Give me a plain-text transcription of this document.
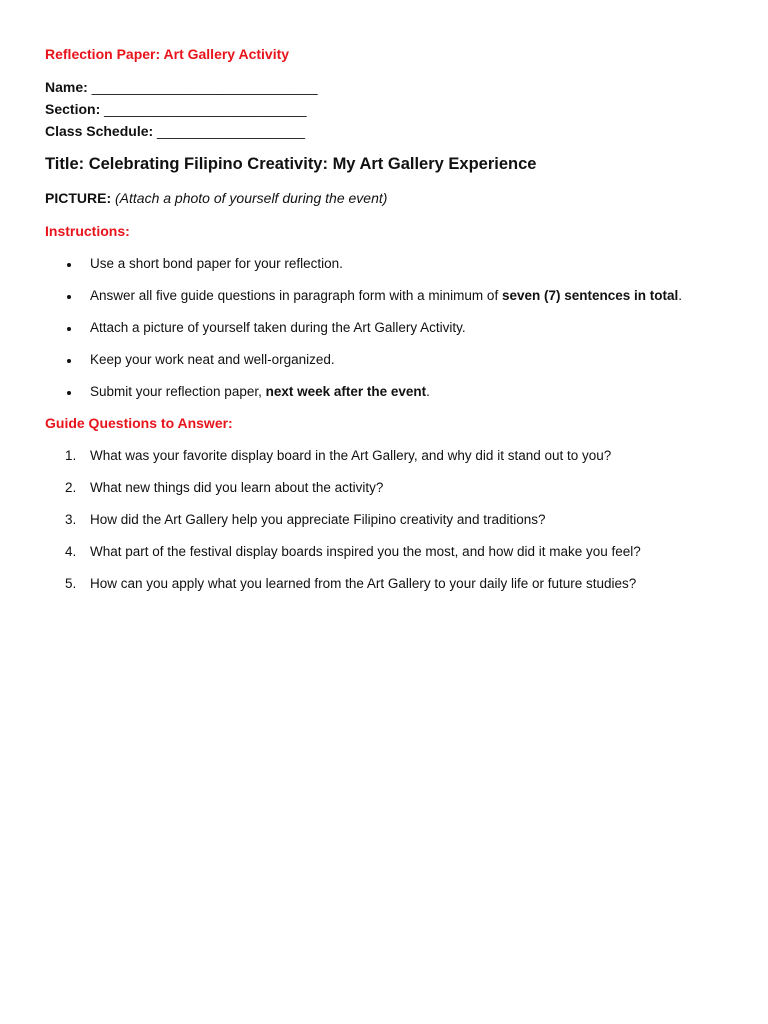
Reflection Paper: Art Gallery Activity
Name: _____________________________
Section: __________________________
Class Schedule: ___________________
Title: Celebrating Filipino Creativity: My Art Gallery Experience
PICTURE: (Attach a photo of yourself during the event)
Instructions:
Use a short bond paper for your reflection.
Answer all five guide questions in paragraph form with a minimum of seven (7) sentences in total.
Attach a picture of yourself taken during the Art Gallery Activity.
Keep your work neat and well-organized.
Submit your reflection paper, next week after the event.
Guide Questions to Answer:
1.	What was your favorite display board in the Art Gallery, and why did it stand out to you?
2.	What new things did you learn about the activity?
3.	How did the Art Gallery help you appreciate Filipino creativity and traditions?
4.	What part of the festival display boards inspired you the most, and how did it make you feel?
5.	How can you apply what you learned from the Art Gallery to your daily life or future studies?
